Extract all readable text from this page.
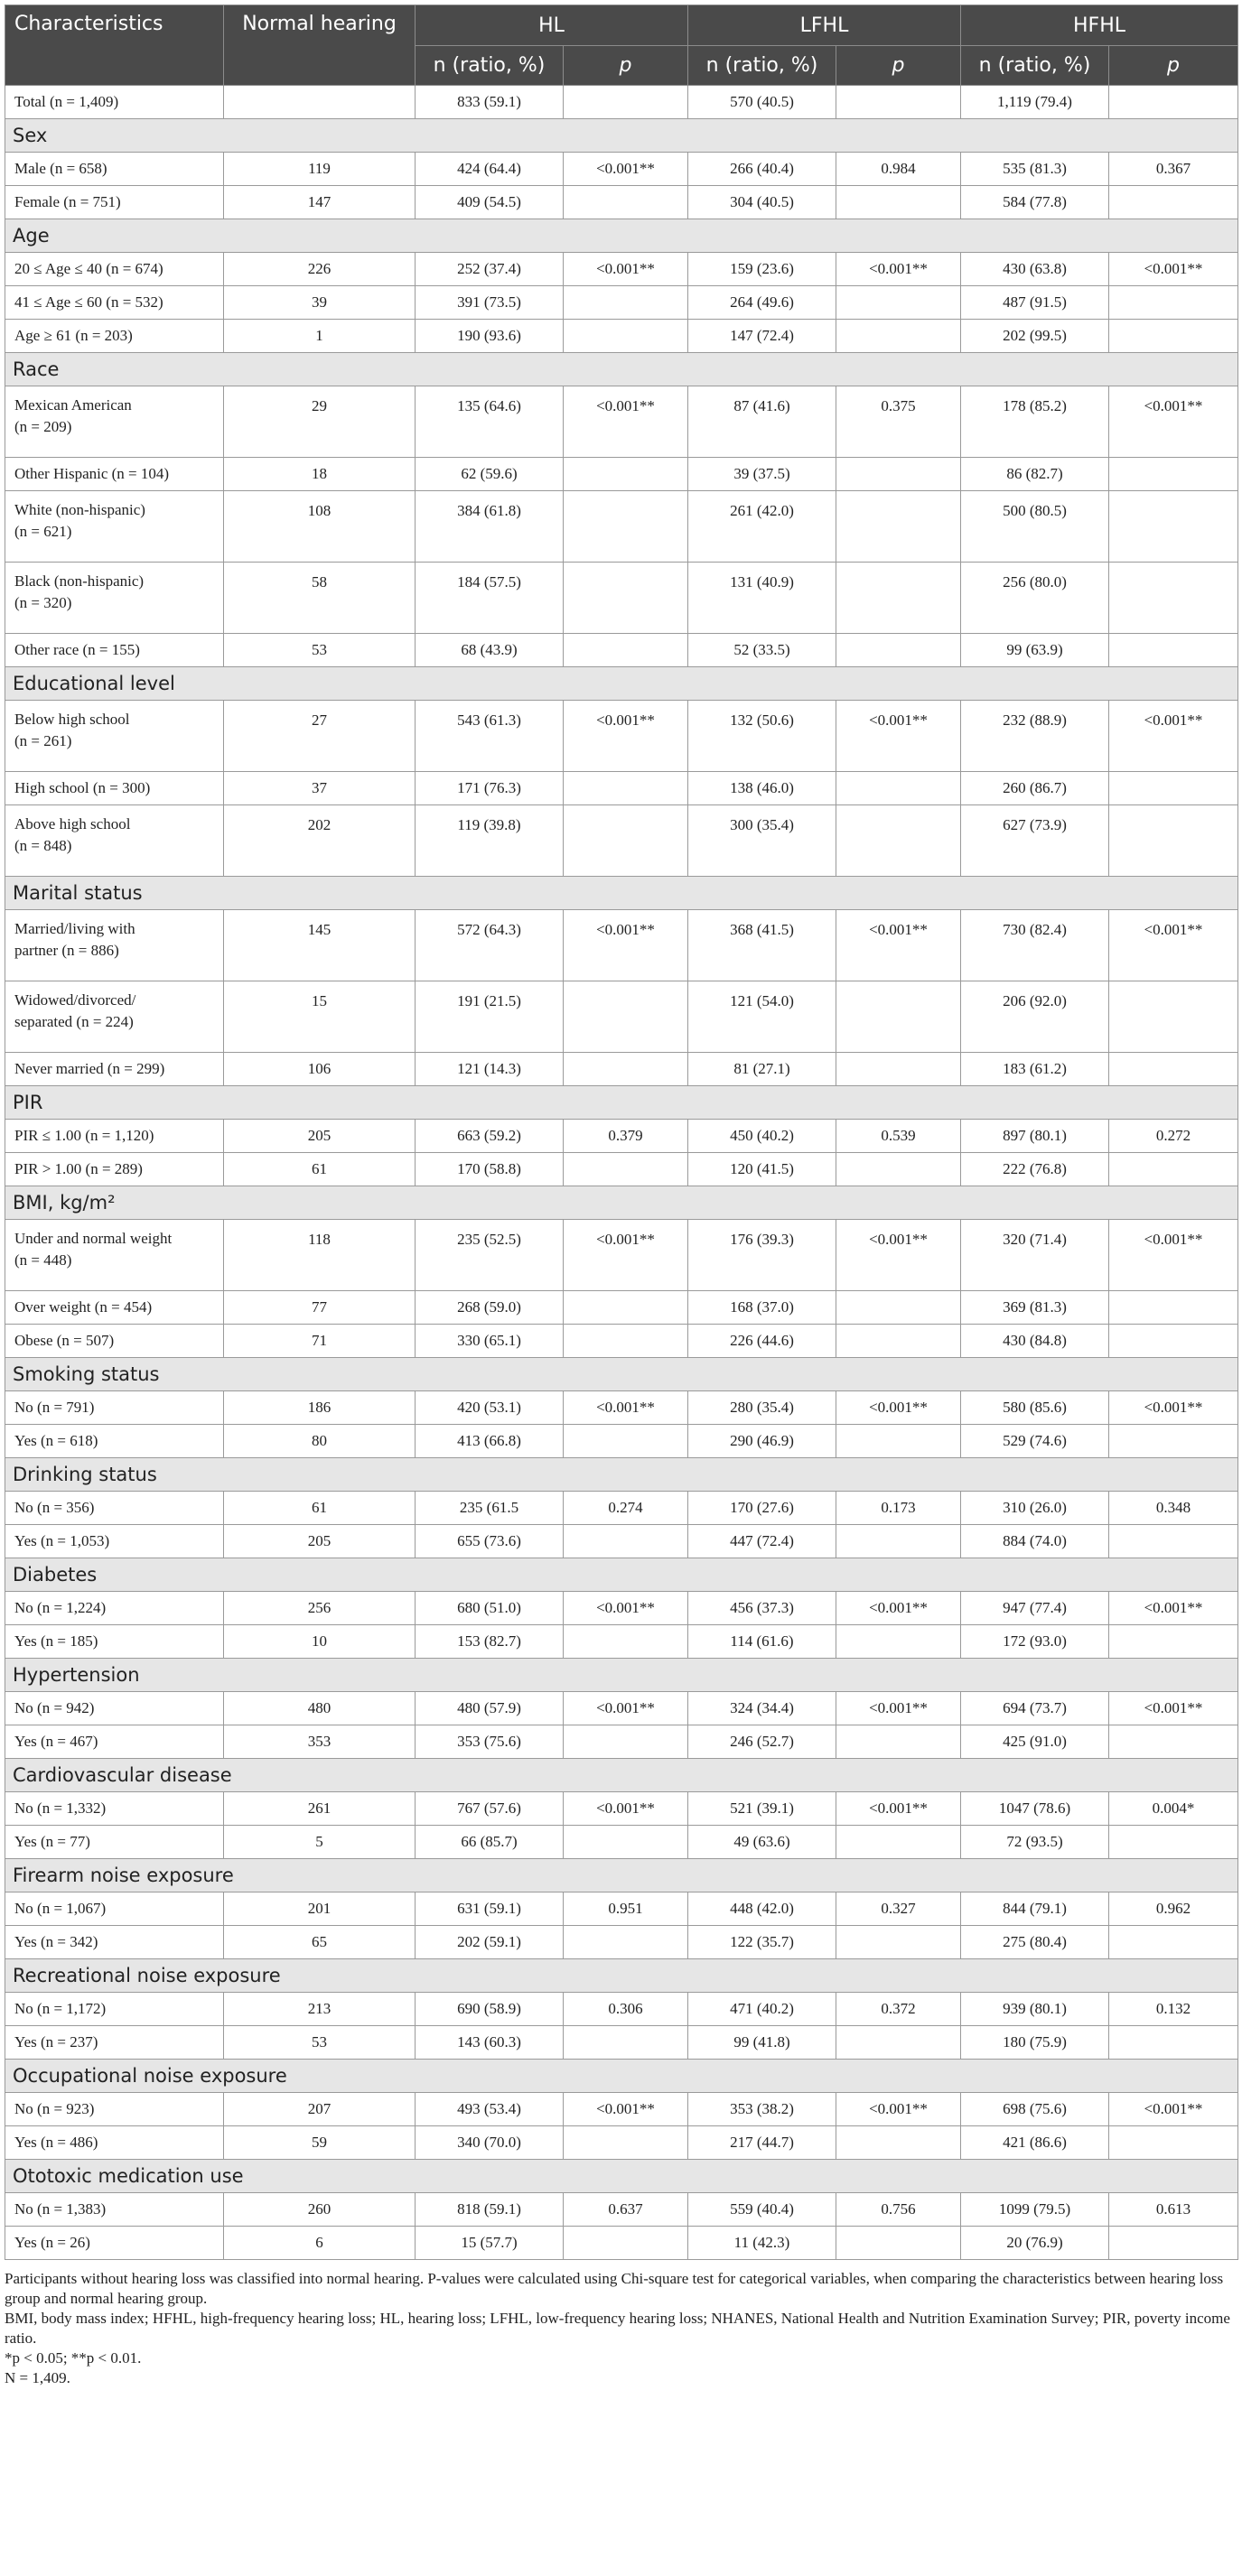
Characteristics	Normal hearing	HL		LFHL		HFHL	
		n (ratio, %)	p	n (ratio, %)	p	n (ratio, %)	p
Total (n = 1,409)		833 (59.1)		570 (40.5)		1,119 (79.4)	
Sex							
Male (n = 658)	119	424 (64.4)	<0.001**	266 (40.4)	0.984	535 (81.3)	0.367
Female (n = 751)	147	409 (54.5)		304 (40.5)		584 (77.8)	
Age							
20 ≤ Age ≤ 40 (n = 674)	226	252 (37.4)	<0.001**	159 (23.6)	<0.001**	430 (63.8)	<0.001**
41 ≤ Age ≤ 60 (n = 532)	39	391 (73.5)		264 (49.6)		487 (91.5)	
Age ≥ 61 (n = 203)	1	190 (93.6)		147 (72.4)		202 (99.5)	
Race							
Mexican American
(n = 209)	29	135 (64.6)	<0.001**	87 (41.6)	0.375	178 (85.2)	<0.001**
Other Hispanic (n = 104)	18	62 (59.6)		39 (37.5)		86 (82.7)	
White (non-hispanic)
(n = 621)	108	384 (61.8)		261 (42.0)		500 (80.5)	
Black (non-hispanic)
(n = 320)	58	184 (57.5)		131 (40.9)		256 (80.0)	
Other race (n = 155)	53	68 (43.9)		52 (33.5)		99 (63.9)	
Educational level							
Below high school
(n = 261)	27	543 (61.3)	<0.001**	132 (50.6)	<0.001**	232 (88.9)	<0.001**
High school (n = 300)	37	171 (76.3)		138 (46.0)		260 (86.7)	
Above high school
(n = 848)	202	119 (39.8)		300 (35.4)		627 (73.9)	
Marital status							
Married/living with
partner (n = 886)	145	572 (64.3)	<0.001**	368 (41.5)	<0.001**	730 (82.4)	<0.001**
Widowed/divorced/
separated (n = 224)	15	191 (21.5)		121 (54.0)		206 (92.0)	
Never married (n = 299)	106	121 (14.3)		81 (27.1)		183 (61.2)	
PIR							
PIR ≤ 1.00 (n = 1,120)	205	663 (59.2)	0.379	450 (40.2)	0.539	897 (80.1)	0.272
PIR > 1.00 (n = 289)	61	170 (58.8)		120 (41.5)		222 (76.8)	
BMI, kg/m²							
Under and normal weight
(n = 448)	118	235 (52.5)	<0.001**	176 (39.3)	<0.001**	320 (71.4)	<0.001**
Over weight (n = 454)	77	268 (59.0)		168 (37.0)		369 (81.3)	
Obese (n = 507)	71	330 (65.1)		226 (44.6)		430 (84.8)	
Smoking status							
No (n = 791)	186	420 (53.1)	<0.001**	280 (35.4)	<0.001**	580 (85.6)	<0.001**
Yes (n = 618)	80	413 (66.8)		290 (46.9)		529 (74.6)	
Drinking status							
No (n = 356)	61	235 (61.5	0.274	170 (27.6)	0.173	310 (26.0)	0.348
Yes (n = 1,053)	205	655 (73.6)		447 (72.4)		884 (74.0)	
Diabetes							
No (n = 1,224)	256	680 (51.0)	<0.001**	456 (37.3)	<0.001**	947 (77.4)	<0.001**
Yes (n = 185)	10	153 (82.7)		114 (61.6)		172 (93.0)	
Hypertension							
No (n = 942)	480	480 (57.9)	<0.001**	324 (34.4)	<0.001**	694 (73.7)	<0.001**
Yes (n = 467)	353	353 (75.6)		246 (52.7)		425 (91.0)	
Cardiovascular disease							
No (n = 1,332)	261	767 (57.6)	<0.001**	521 (39.1)	<0.001**	1047 (78.6)	0.004*
Yes (n = 77)	5	66 (85.7)		49 (63.6)		72 (93.5)	
Firearm noise exposure							
No (n = 1,067)	201	631 (59.1)	0.951	448 (42.0)	0.327	844 (79.1)	0.962
Yes (n = 342)	65	202 (59.1)		122 (35.7)		275 (80.4)	
Recreational noise exposure							
No (n = 1,172)	213	690 (58.9)	0.306	471 (40.2)	0.372	939 (80.1)	0.132
Yes (n = 237)	53	143 (60.3)		99 (41.8)		180 (75.9)	
Occupational noise exposure							
No (n = 923)	207	493 (53.4)	<0.001**	353 (38.2)	<0.001**	698 (75.6)	<0.001**
Yes (n = 486)	59	340 (70.0)		217 (44.7)		421 (86.6)	
Ototoxic medication use							
No (n = 1,383)	260	818 (59.1)	0.637	559 (40.4)	0.756	1099 (79.5)	0.613
Yes (n = 26)	6	15 (57.7)		11 (42.3)		20 (76.9)	
Participants without hearing loss was classified into normal hearing. P-values were calculated using Chi-square test for categorical variables, when comparing the characteristics between hearing loss group and normal hearing group.
BMI, body mass index; HFHL, high-frequency hearing loss; HL, hearing loss; LFHL, low-frequency hearing loss; NHANES, National Health and Nutrition Examination Survey; PIR, poverty income ratio.
*p < 0.05; **p < 0.01.
N = 1,409.
